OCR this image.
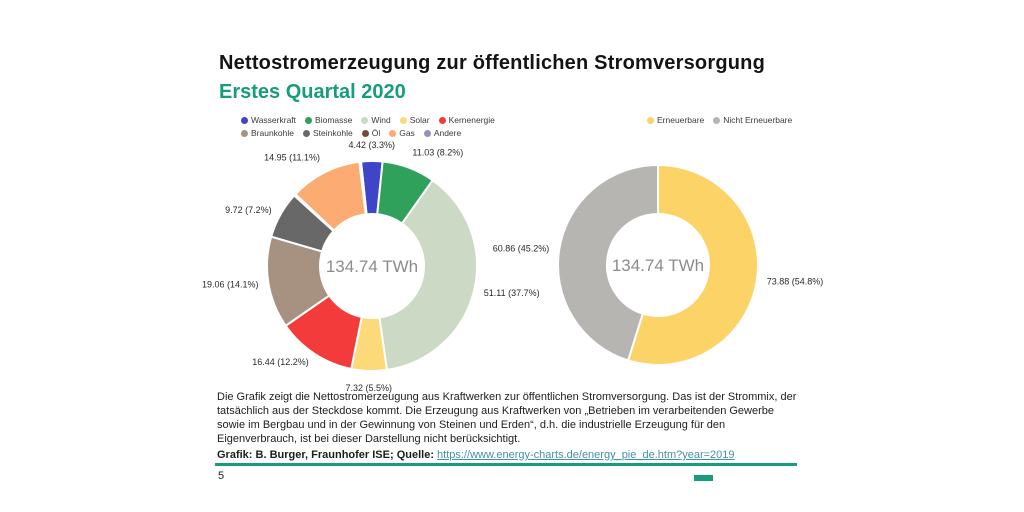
Nettostromerzeugung zur öffentlichen Stromversorgung
Erstes Quartal 2020
Wasserkraft Biomasse Wind Solar Kernenergie
Braunkohle Steinkohle Öl Gas Andere
Erneuerbare Nicht Erneuerbare
4.42 (3.3%)
11.03 (8.2%)
51.11 (37.7%)
7.32 (5.5%)
16.44 (12.2%)
19.06 (14.1%)
9.72 (7.2%)
14.95 (11.1%)
134.74 TWh
73.88 (54.8%)
60.86 (45.2%)
134.74 TWh
Die Grafik zeigt die Nettostromerzeugung aus Kraftwerken zur öffentlichen Stromversorgung. Das ist der Strommix, der tatsächlich aus der Steckdose kommt. Die Erzeugung aus Kraftwerken von „Betrieben im verarbeitenden Gewerbe sowie im Bergbau und in der Gewinnung von Steinen und Erden“, d.h. die industrielle Erzeugung für den Eigenverbrauch, ist bei dieser Darstellung nicht berücksichtigt.
Grafik: B. Burger, Fraunhofer ISE; Quelle: https://www.energy-charts.de/energy_pie_de.htm?year=2019
5
